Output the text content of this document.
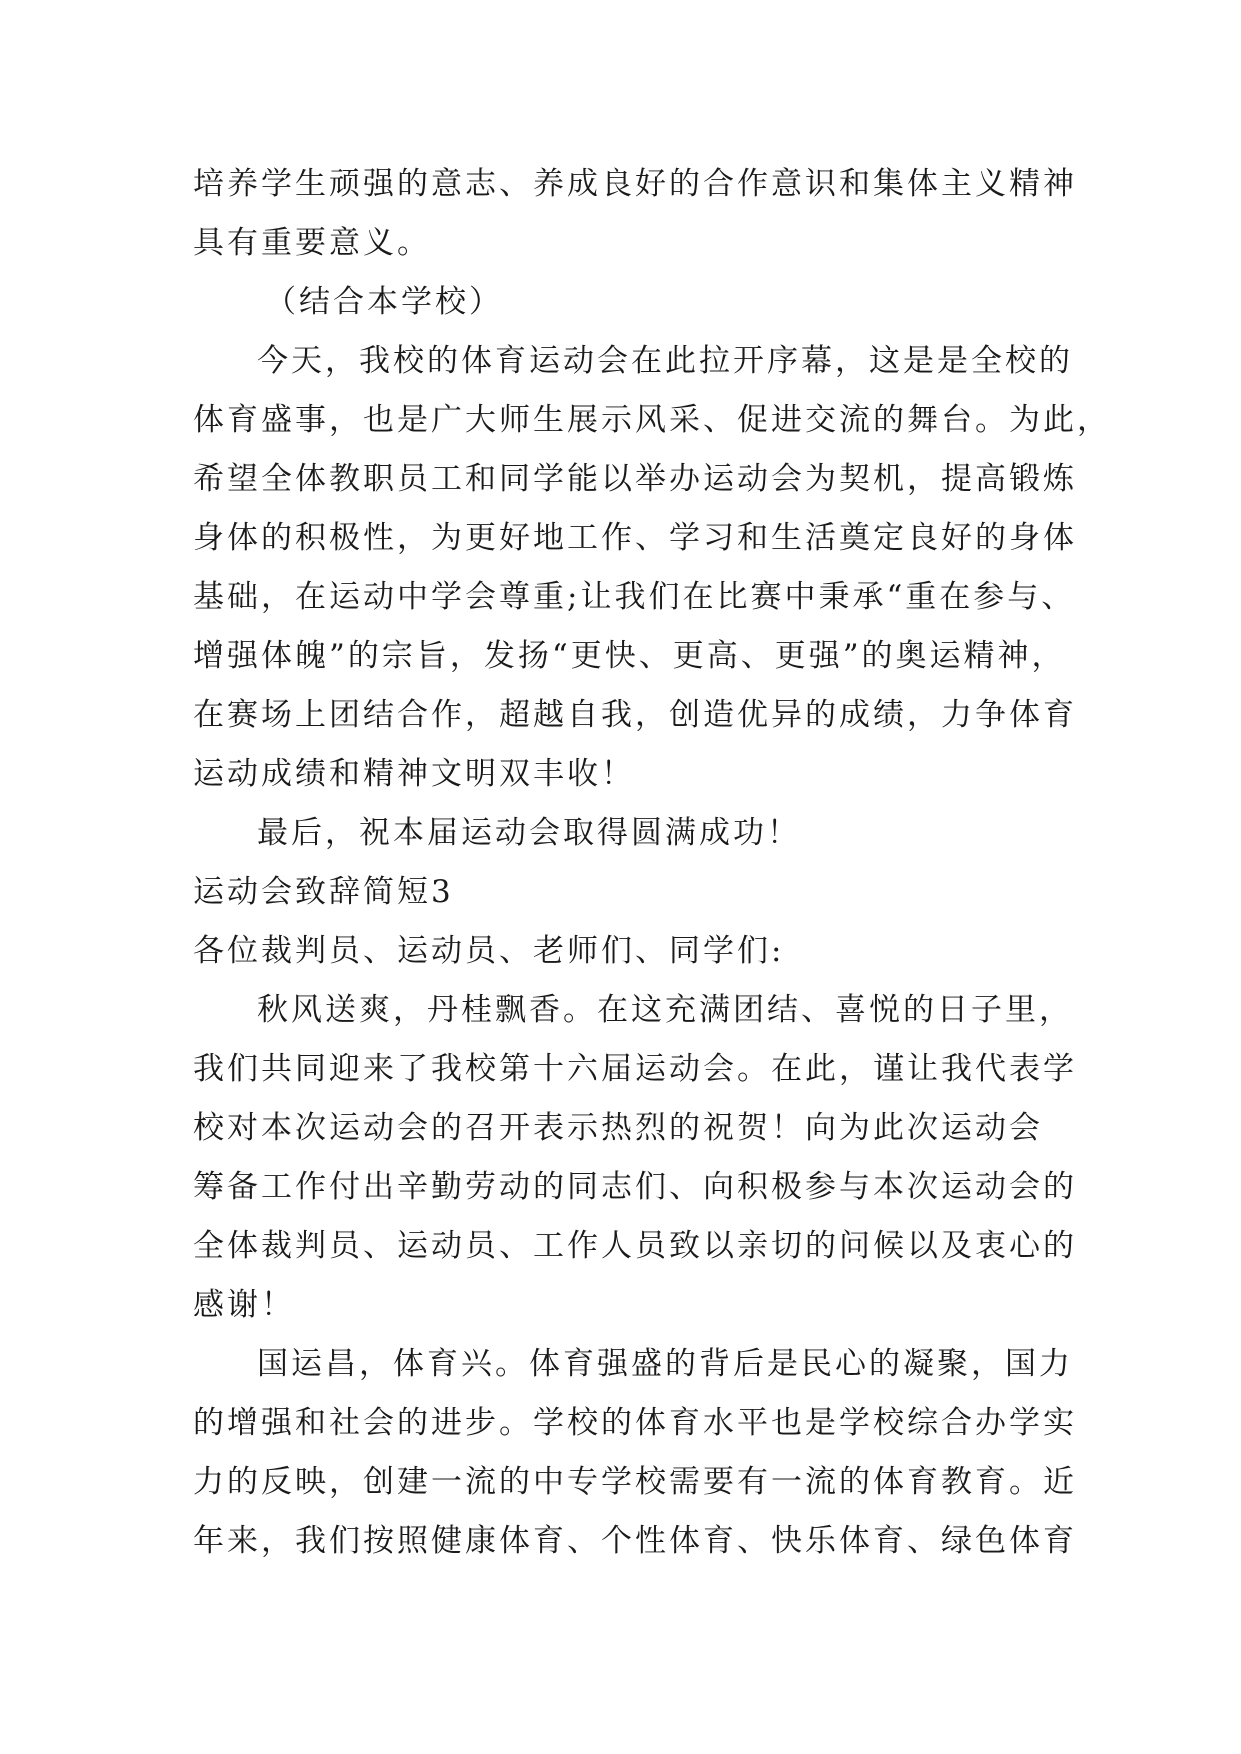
培养学生顽强的意志、养成良好的合作意识和集体主义精神
具有重要意义。
（结合本学校）
今天，我校的体育运动会在此拉开序幕，这是是全校的
体育盛事，也是广大师生展示风采、促进交流的舞台。为此，
希望全体教职员工和同学能以举办运动会为契机，提高锻炼
身体的积极性，为更好地工作、学习和生活奠定良好的身体
基础，在运动中学会尊重;让我们在比赛中秉承“重在参与、
增强体魄”的宗旨，发扬“更快、更高、更强”的奥运精神，
在赛场上团结合作，超越自我，创造优异的成绩，力争体育
运动成绩和精神文明双丰收！
最后，祝本届运动会取得圆满成功！
运动会致辞简短3
各位裁判员、运动员、老师们、同学们:
秋风送爽，丹桂飘香。在这充满团结、喜悦的日子里，
我们共同迎来了我校第十六届运动会。在此，谨让我代表学
校对本次运动会的召开表示热烈的祝贺！向为此次运动会
筹备工作付出辛勤劳动的同志们、向积极参与本次运动会的
全体裁判员、运动员、工作人员致以亲切的问候以及衷心的
感谢！
国运昌，体育兴。体育强盛的背后是民心的凝聚，国力
的增强和社会的进步。学校的体育水平也是学校综合办学实
力的反映，创建一流的中专学校需要有一流的体育教育。近
年来，我们按照健康体育、个性体育、快乐体育、绿色体育
